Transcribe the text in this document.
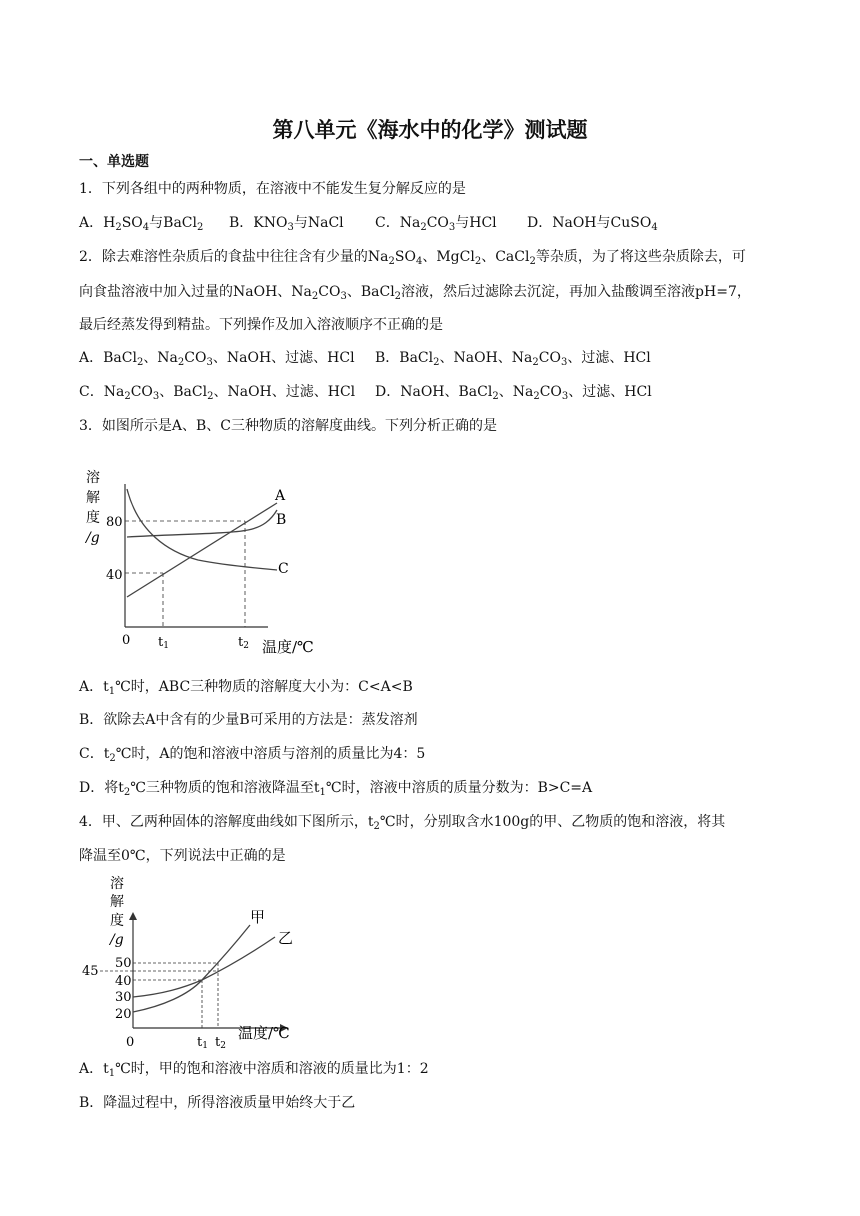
第八单元《海水中的化学》测试题
一、单选题
1．下列各组中的两种物质，在溶液中不能发生复分解反应的是
A．$H_2SO_4$与BaCl$_2$ B．$KNO_3$与NaCl C．$Na_2CO_3$与HCl D．NaOH与CuSO$_4$
2．除去难溶性杂质后的食盐中往往含有少量的$Na_2SO_4$、MgCl$_2$、CaCl$_2$等杂质，为了将这些杂质除去，可
向食盐溶液中加入过量的NaOH、$Na_2CO_3$、BaCl$_2$溶液，然后过滤除去沉淀，再加入盐酸调至溶液pH=7，
最后经蒸发得到精盐。下列操作及加入溶液顺序不正确的是
A．BaCl$_2$、$Na_2CO_3$、NaOH、过滤、HCl B．BaCl$_2$、NaOH、$Na_2CO_3$、过滤、HCl
C．$Na_2CO_3$、BaCl$_2$、NaOH、过滤、HCl D．NaOH、BaCl$_2$、$Na_2CO_3$、过滤、HCl
3．如图所示是A、B、C三种物质的溶解度曲线。下列分析正确的是
溶
解
度
/g
80
40
0 t1	t2 温度/℃
A
B
C
A．$t_1℃$时，ABC三种物质的溶解度大小为：C<A<B
B．欲除去A中含有的少量B可采用的方法是：蒸发溶剂
C．$t_2℃$时，A的饱和溶液中溶质与溶剂的质量比为4：5
D．将$t_2℃$三种物质的饱和溶液降温至$t_1℃$时，溶液中溶质的质量分数为：B>C=A
4．甲、乙两种固体的溶解度曲线如下图所示，$t_2℃$时，分别取含水100g的甲、乙物质的饱和溶液，将其
降温至0℃，下列说法中正确的是
溶
解
度
/g
45
50
40
30
20
0
甲
乙
t1 t2
温度/℃
A．$t_1℃$时，甲的饱和溶液中溶质和溶液的质量比为1：2
B．降温过程中，所得溶液质量甲始终大于乙
